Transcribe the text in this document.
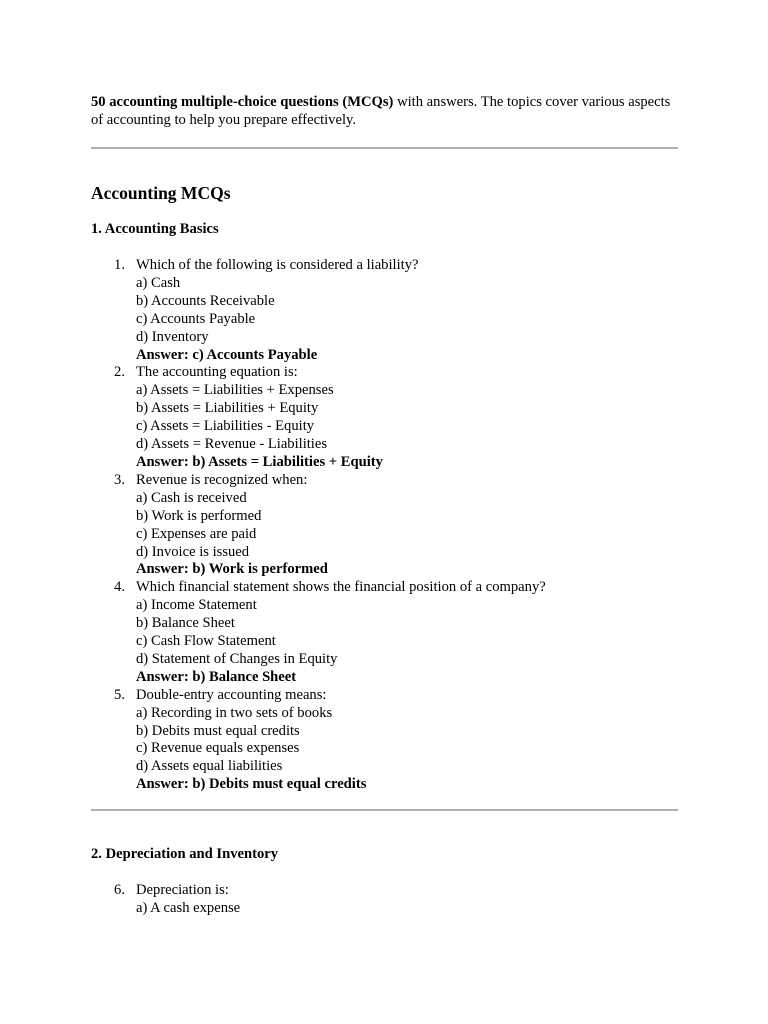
50 accounting multiple-choice questions (MCQs) with answers. The topics cover various aspects of accounting to help you prepare effectively.

Accounting MCQs
1. Accounting Basics
1. Which of the following is considered a liability?
a) Cash
b) Accounts Receivable
c) Accounts Payable
d) Inventory
Answer: c) Accounts Payable
2. The accounting equation is:
a) Assets = Liabilities + Expenses
b) Assets = Liabilities + Equity
c) Assets = Liabilities - Equity
d) Assets = Revenue - Liabilities
Answer: b) Assets = Liabilities + Equity
3. Revenue is recognized when:
a) Cash is received
b) Work is performed
c) Expenses are paid
d) Invoice is issued
Answer: b) Work is performed
4. Which financial statement shows the financial position of a company?
a) Income Statement
b) Balance Sheet
c) Cash Flow Statement
d) Statement of Changes in Equity
Answer: b) Balance Sheet
5. Double-entry accounting means:
a) Recording in two sets of books
b) Debits must equal credits
c) Revenue equals expenses
d) Assets equal liabilities
Answer: b) Debits must equal credits
2. Depreciation and Inventory
6. Depreciation is:
a) A cash expense
